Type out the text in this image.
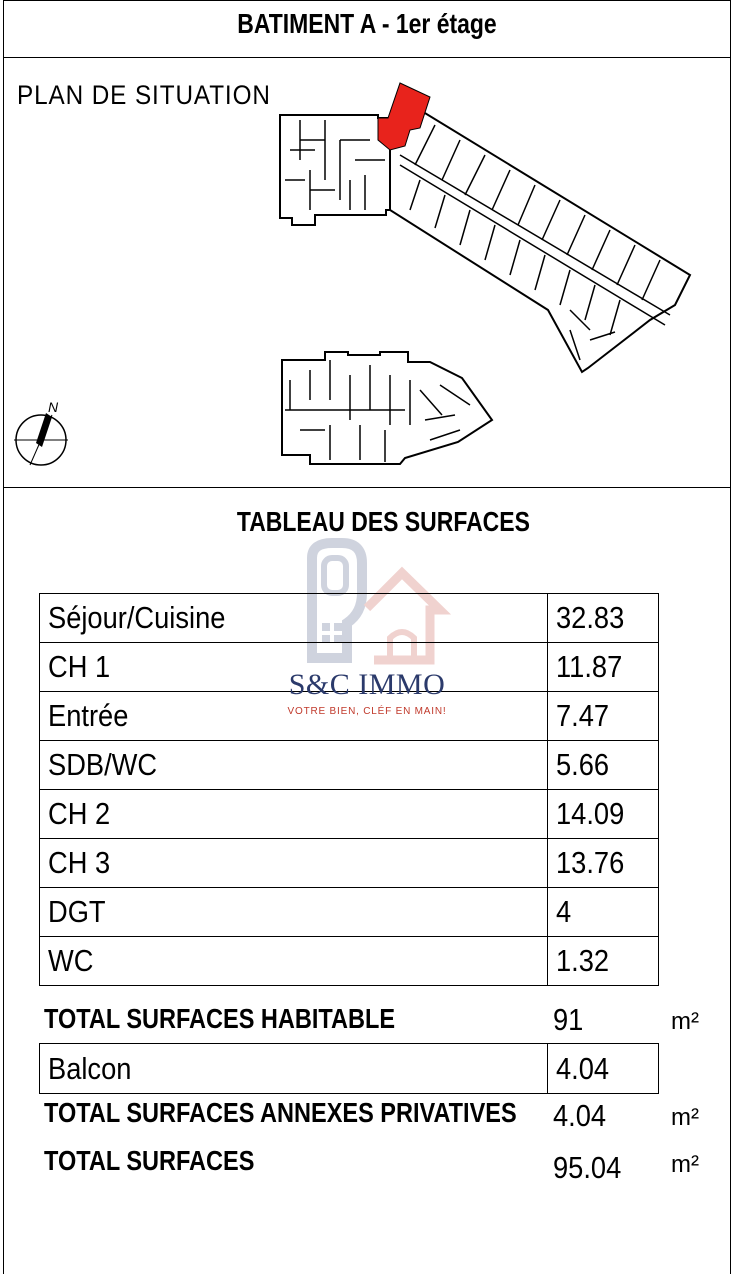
BATIMENT A - 1er étage
PLAN DE SITUATION
N
TABLEAU DES SURFACES
Séjour/Cuisine	32.83
CH 1	11.87
Entrée	7.47
SDB/WC	5.66
CH 2	14.09
CH 3	13.76
DGT	4
WC	1.32
S&C IMMO
VOTRE BIEN, CLÉF EN MAIN!
TOTAL SURFACES HABITABLE	91	m²
Balcon	4.04
TOTAL SURFACES ANNEXES PRIVATIVES	4.04	m²
TOTAL SURFACES	95.04	m²
